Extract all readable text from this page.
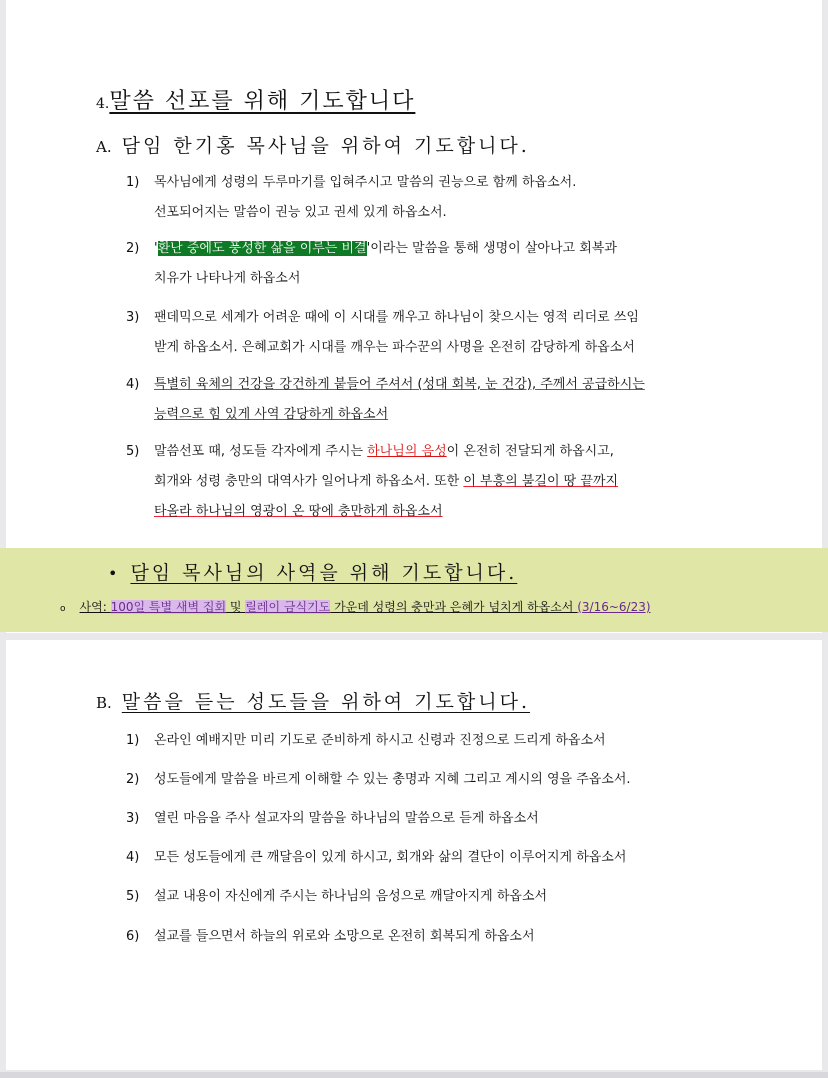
4.말씀 선포를 위해 기도합니다
A. 담임 한기홍 목사님을 위하여 기도합니다.
1) 목사님에게 성령의 두루마기를 입혀주시고 말씀의 권능으로 함께 하옵소서.
선포되어지는 말씀이 권능 있고 권세 있게 하옵소서.
2) '환난 중에도 풍성한 삶을 이루는 비결'이라는 말씀을 통해 생명이 살아나고 회복과
치유가 나타나게 하옵소서
3) 팬데믹으로 세계가 어려운 때에 이 시대를 깨우고 하나님이 찾으시는 영적 리더로 쓰임
받게 하옵소서. 은혜교회가 시대를 깨우는 파수꾼의 사명을 온전히 감당하게 하옵소서
4) 특별히 육체의 건강을 강건하게 붙들어 주셔서 (성대 회복, 눈 건강), 주께서 공급하시는
능력으로 힘 있게 사역 감당하게 하옵소서
5) 말씀선포 때, 성도들 각자에게 주시는 하나님의 음성이 온전히 전달되게 하옵시고,
회개와 성령 충만의 대역사가 일어나게 하옵소서. 또한 이 부흥의 불길이 땅 끝까지
타올라 하나님의 영광이 온 땅에 충만하게 하옵소서
• 담임 목사님의 사역을 위해 기도합니다.
o 사역: 100일 특별 새벽 집회 및 릴레이 금식기도 가운데 성령의 충만과 은혜가 넘치게 하옵소서 (3/16~6/23)
B. 말씀을 듣는 성도들을 위하여 기도합니다.
1) 온라인 예배지만 미리 기도로 준비하게 하시고 신령과 진정으로 드리게 하옵소서
2) 성도들에게 말씀을 바르게 이해할 수 있는 총명과 지혜 그리고 계시의 영을 주옵소서.
3) 열린 마음을 주사 설교자의 말씀을 하나님의 말씀으로 듣게 하옵소서
4) 모든 성도들에게 큰 깨달음이 있게 하시고, 회개와 삶의 결단이 이루어지게 하옵소서
5) 설교 내용이 자신에게 주시는 하나님의 음성으로 깨달아지게 하옵소서
6) 설교를 들으면서 하늘의 위로와 소망으로 온전히 회복되게 하옵소서
